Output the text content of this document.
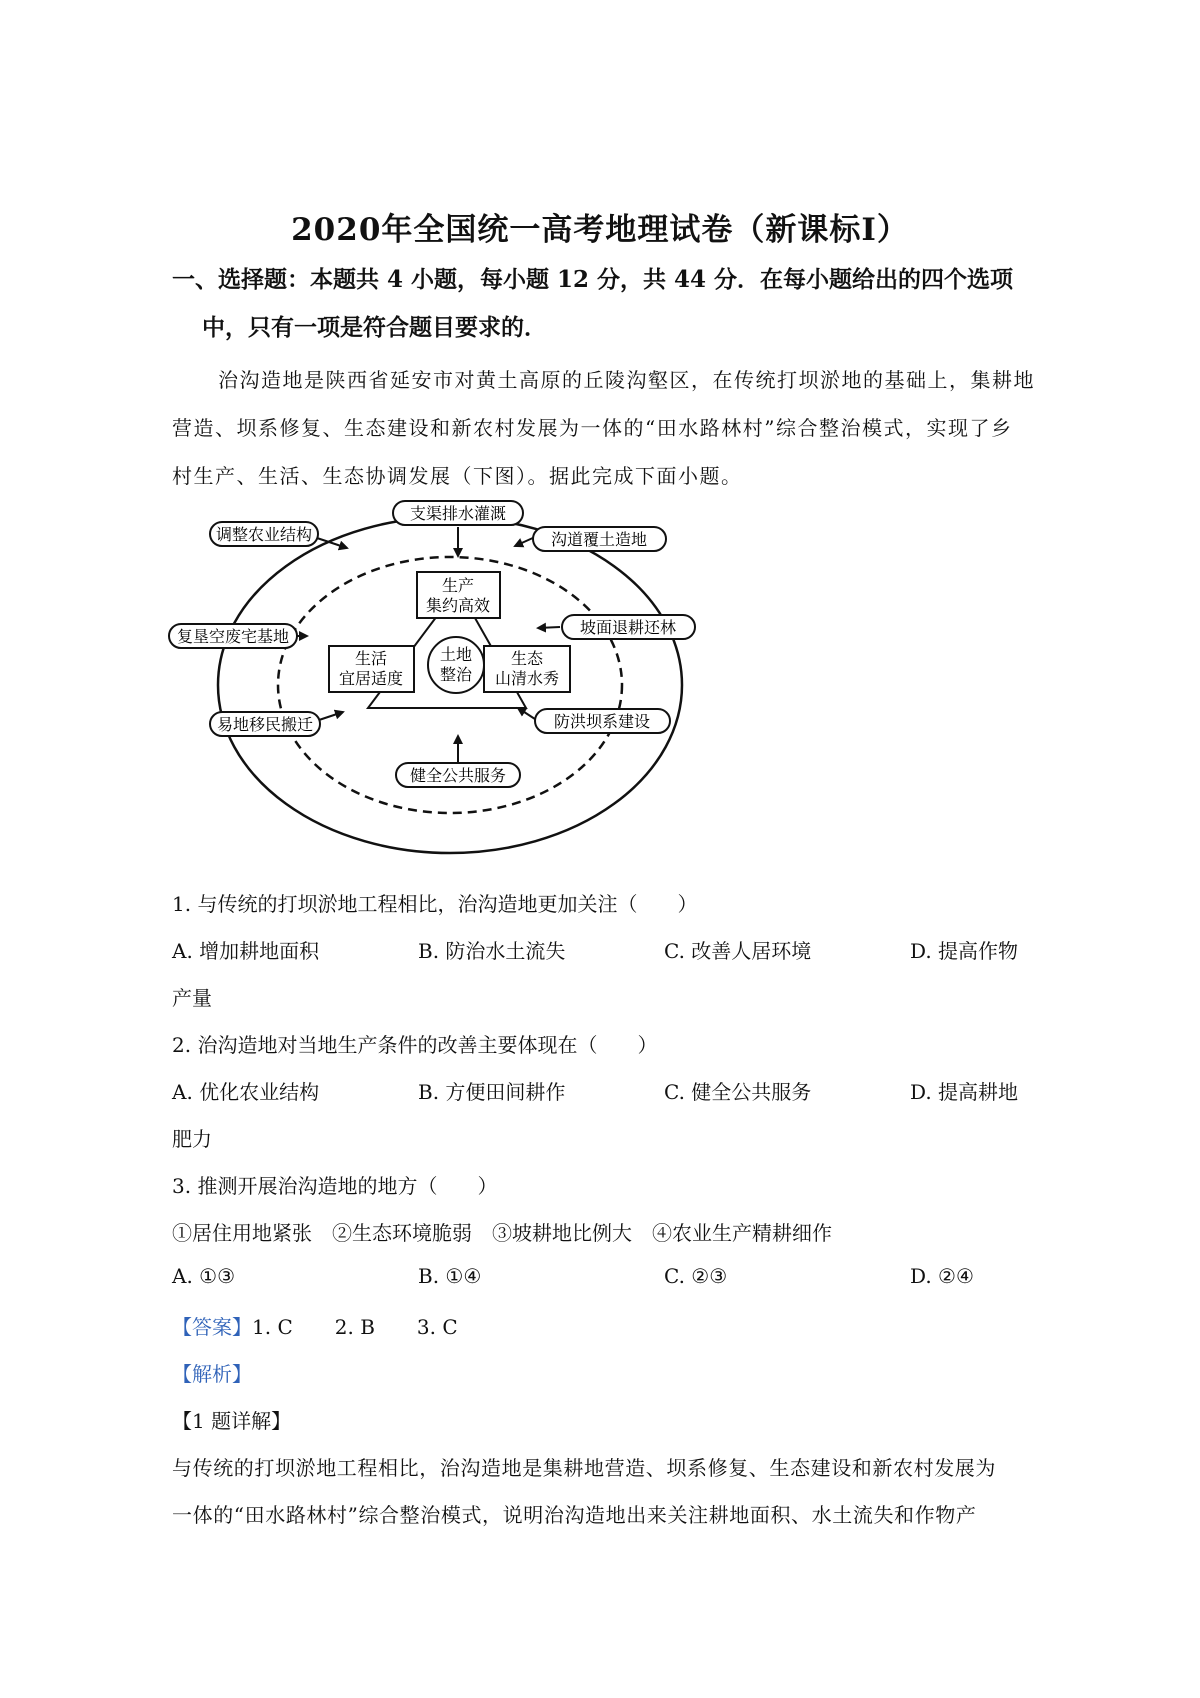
2020年全国统一高考地理试卷（新课标Ⅰ）
一、选择题：本题共 4 小题，每小题 12 分，共 44 分．在每小题给出的四个选项
中，只有一项是符合题目要求的．
治沟造地是陕西省延安市对黄土高原的丘陵沟壑区，在传统打坝淤地的基础上，集耕地
营造、坝系修复、生态建设和新农村发展为一体的“田水路林村”综合整治模式，实现了乡
村生产、生活、生态协调发展（下图）。据此完成下面小题。
土地
整治
生产
集约高效
生活
宜居适度
生态
山清水秀
支渠排水灌溉
沟道覆土造地
坡面退耕还林
防洪坝系建设
健全公共服务
易地移民搬迁
复垦空废宅基地
调整农业结构
1. 与传统的打坝淤地工程相比，治沟造地更加关注（　　）
A. 增加耕地面积	B. 防治水土流失	C. 改善人居环境	D. 提高作物
产量
2. 治沟造地对当地生产条件的改善主要体现在（　　）
A. 优化农业结构	B. 方便田间耕作	C. 健全公共服务	D. 提高耕地
肥力
3. 推测开展治沟造地的地方（　　）
①居住用地紧张　②生态环境脆弱　③坡耕地比例大　④农业生产精耕细作
A. ①③	B. ①④	C. ②③	D. ②④
【答案】1. C 2. B 3. C
【解析】
【1 题详解】
与传统的打坝淤地工程相比，治沟造地是集耕地营造、坝系修复、生态建设和新农村发展为
一体的“田水路林村”综合整治模式，说明治沟造地出来关注耕地面积、水土流失和作物产
